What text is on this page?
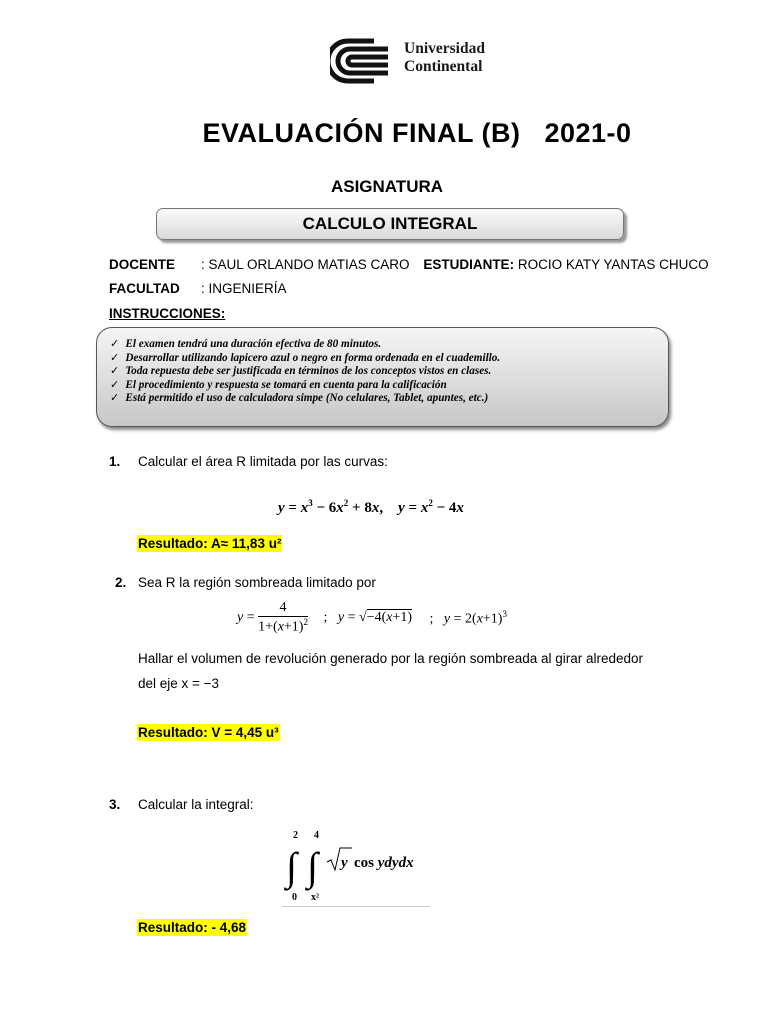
Universidad
Continental
EVALUACIÓN FINAL (B)   2021-0
ASIGNATURA
CALCULO INTEGRAL
DOCENTE : SAUL ORLANDO MATIAS CARO ESTUDIANTE: ROCIO KATY YANTAS CHUCO
FACULTAD : INGENIERÍA
INSTRUCCIONES:
✓ El examen tendrá una duración efectiva de 80 minutos.
✓ Desarrollar utilizando lapicero azul o negro en forma ordenada en el cuademillo.
✓ Toda repuesta debe ser justificada en términos de los conceptos vistos en clases.
✓ El procedimiento y respuesta se tomará en cuenta para la calificación
✓ Está permitido el uso de calculadora simpe (No celulares, Tablet, apuntes, etc.)
1. Calcular el área R limitada por las curvas:
$y = x^3 - 6x^2 + 8x$,    $y = x^2 - 4x$
Resultado: A≈ 11,83 u²
2. Sea R la región sombreada limitado por
$y = \frac{4}{1+(x+1)^2}$ ;   y = √−4(x+1) ;   $y = 2(x+1)^3$
Hallar el volumen de revolución generado por la región sombreada al girar alrededor
del eje x = −3
Resultado: V = 4,45 u³
3. Calcular la integral:
2 4
∫ ∫
0 x²
y cos ydydx
Resultado: - 4,68
